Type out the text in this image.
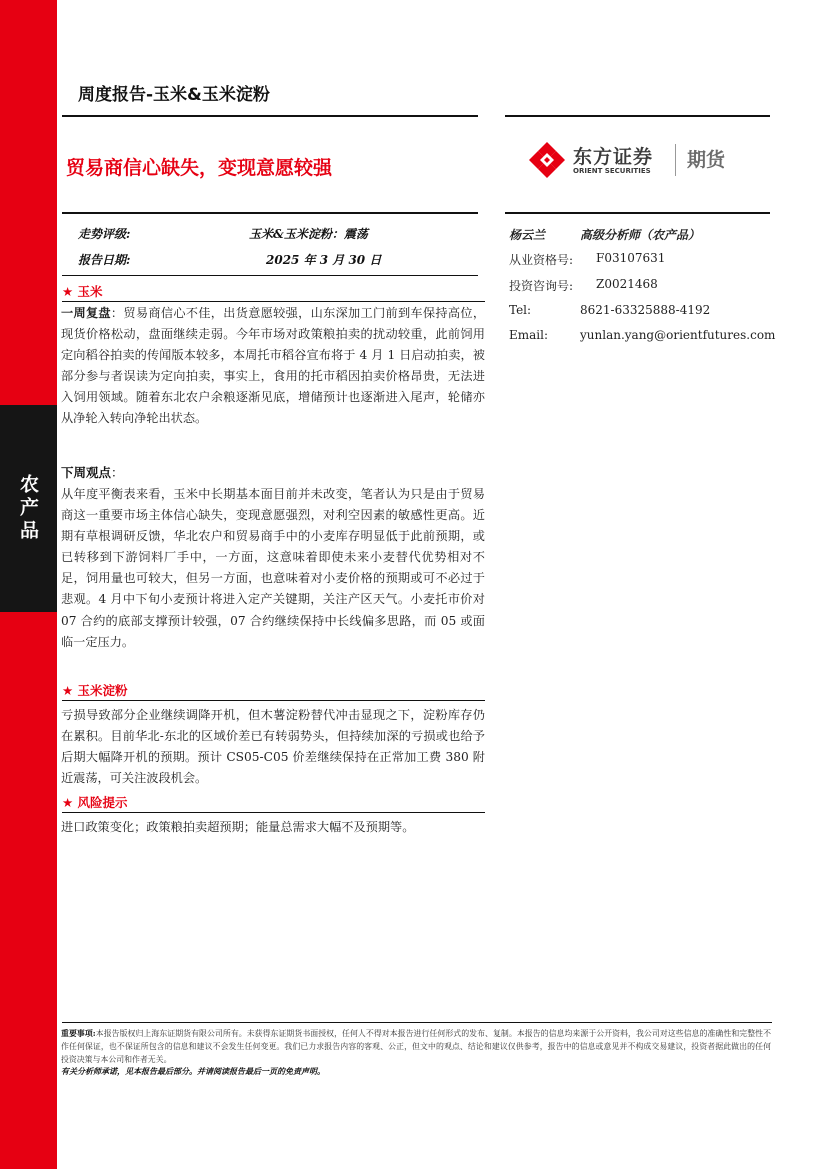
农产品
周度报告-玉米&玉米淀粉
贸易商信心缺失，变现意愿较强	东方证券
ORIENT SECURITIES 期货
走势评级:	玉米&玉米淀粉：震荡
报告日期:	2025 年 3 月 30 日
杨云兰	高级分析师（农产品）
从业资格号: F03107631
投资咨询号: Z0021468
Tel:	8621-63325888-4192
Email:	yunlan.yang@orientfutures.com
★ 玉米
一周复盘：贸易商信心不佳，出货意愿较强，山东深加工门前到车保持高位，现货价格松动，盘面继续走弱。今年市场对政策粮拍卖的扰动较重，此前饲用定向稻谷拍卖的传闻版本较多，本周托市稻谷宣布将于 4 月 1 日启动拍卖，被部分参与者误读为定向拍卖，事实上，食用的托市稻因拍卖价格昂贵，无法进入饲用领域。随着东北农户余粮逐渐见底，增储预计也逐渐进入尾声，轮储亦从净轮入转向净轮出状态。
下周观点：
从年度平衡表来看，玉米中长期基本面目前并未改变，笔者认为只是由于贸易商这一重要市场主体信心缺失，变现意愿强烈，对利空因素的敏感性更高。近期有草根调研反馈，华北农户和贸易商手中的小麦库存明显低于此前预期，或已转移到下游饲料厂手中，一方面，这意味着即使未来小麦替代优势相对不足，饲用量也可较大，但另一方面，也意味着对小麦价格的预期或可不必过于悲观。4 月中下旬小麦预计将进入定产关键期，关注产区天气。小麦托市价对 07 合约的底部支撑预计较强，07 合约继续保持中长线偏多思路，而 05 或面临一定压力。
★ 玉米淀粉
亏损导致部分企业继续调降开机，但木薯淀粉替代冲击显现之下，淀粉库存仍在累积。目前华北-东北的区域价差已有转弱势头，但持续加深的亏损或也给予后期大幅降开机的预期。预计 CS05-C05 价差继续保持在正常加工费 380 附近震荡，可关注波段机会。
★ 风险提示
进口政策变化；政策粮拍卖超预期；能量总需求大幅不及预期等。
重要事项:本报告版权归上海东证期货有限公司所有。未获得东证期货书面授权，任何人不得对本报告进行任何形式的发布、复制。本报告的信息均来源于公开资料，我公司对这些信息的准确性和完整性不作任何保证，也不保证所包含的信息和建议不会发生任何变更。我们已力求报告内容的客观、公正，但文中的观点、结论和建议仅供参考，报告中的信息或意见并不构成交易建议，投资者据此做出的任何投资决策与本公司和作者无关。
有关分析师承诺，见本报告最后部分。并请阅读报告最后一页的免责声明。
